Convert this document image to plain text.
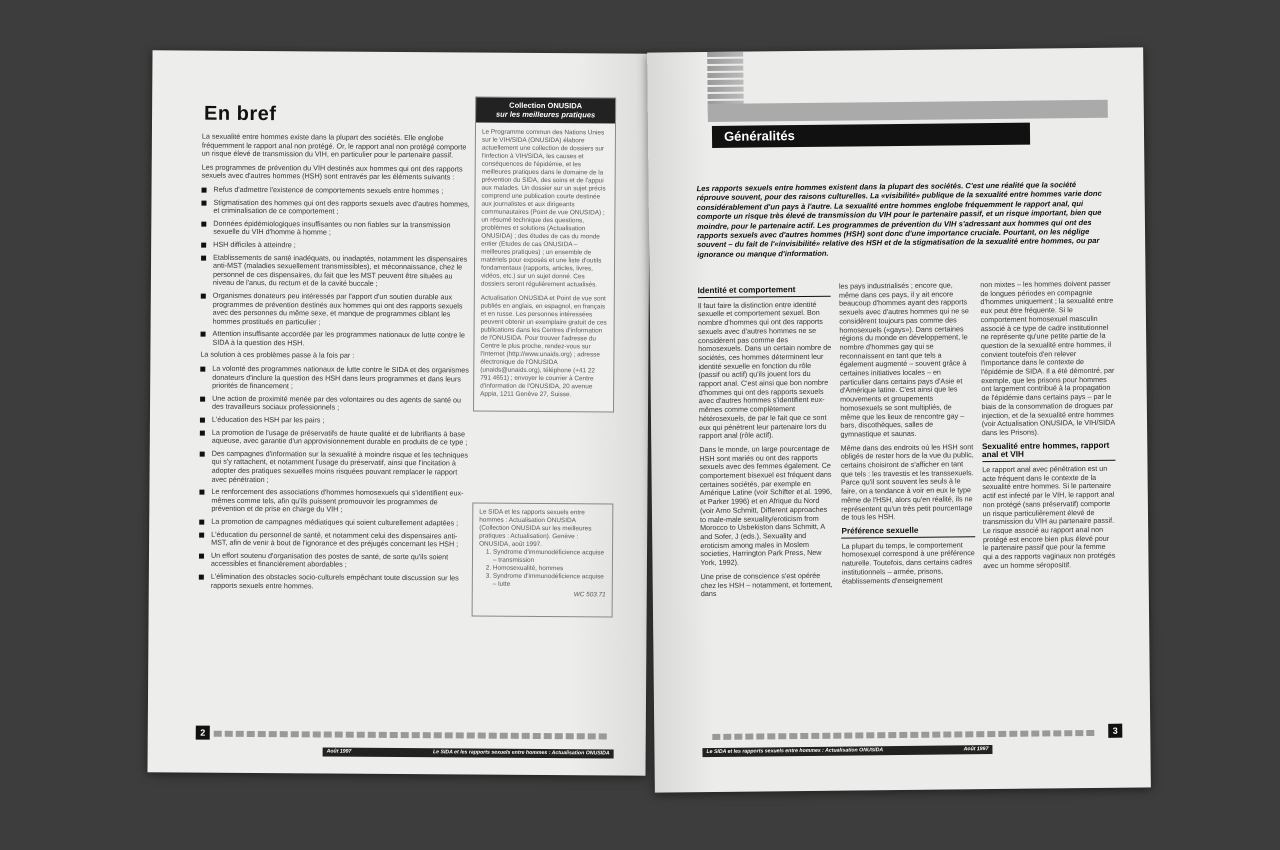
En bref

La sexualité entre hommes existe dans la plupart des sociétés. Elle englobe fréquemment le rapport anal non protégé. Or, le rapport anal non protégé comporte un risque élevé de transmission du VIH, en particulier pour le partenaire passif.

Les programmes de prévention du VIH destinés aux hommes qui ont des rapports sexuels avec d'autres hommes (HSH) sont entravés par les éléments suivants :

Refus d'admettre l'existence de comportements sexuels entre hommes ;
Stigmatisation des hommes qui ont des rapports sexuels avec d'autres hommes, et criminalisation de ce comportement ;
Données épidémiologiques insuffisantes ou non fiables sur la transmission sexuelle du VIH d'homme à homme ;
HSH difficiles à atteindre ;
Etablissements de santé inadéquats, ou inadaptés, notamment les dispensaires anti-MST (maladies sexuellement transmissibles), et méconnaissance, chez le personnel de ces dispensaires, du fait que les MST peuvent être situées au niveau de l'anus, du rectum et de la cavité buccale ;
Organismes donateurs peu intéressés par l'apport d'un soutien durable aux programmes de prévention destinés aux hommes qui ont des rapports sexuels avec des personnes du même sexe, et manque de programmes ciblant les hommes prostitués en particulier ;
Attention insuffisante accordée par les programmes nationaux de lutte contre le SIDA à la question des HSH.

La solution à ces problèmes passe à la fois par :

La volonté des programmes nationaux de lutte contre le SIDA et des organismes donateurs d'inclure la question des HSH dans leurs programmes et dans leurs priorités de financement ;
Une action de proximité menée par des volontaires ou des agents de santé ou des travailleurs sociaux professionnels ;
L'éducation des HSH par les pairs ;
La promotion de l'usage de préservatifs de haute qualité et de lubrifiants à base aqueuse, avec garantie d'un approvisionnement durable en produits de ce type ;
Des campagnes d'information sur la sexualité à moindre risque et les techniques qui s'y rattachent, et notamment l'usage du préservatif, ainsi que l'incitation à adopter des pratiques sexuelles moins risquées pouvant remplacer le rapport avec pénétration ;
Le renforcement des associations d'hommes homosexuels qui s'identifient eux-mêmes comme tels, afin qu'ils puissent promouvoir les programmes de prévention et de prise en charge du VIH ;
La promotion de campagnes médiatiques qui soient culturellement adaptées ;
L'éducation du personnel de santé, et notamment celui des dispensaires anti-MST, afin de venir à bout de l'ignorance et des préjugés concernant les HSH ;
Un effort soutenu d'organisation des postes de santé, de sorte qu'ils soient accessibles et financièrement abordables ;
L'élimination des obstacles socio-culturels empêchant toute discussion sur les rapports sexuels entre hommes.
Collection ONUSIDA
sur les meilleures pratiques

Le Programme commun des Nations Unies sur le VIH/SIDA (ONUSIDA) élabore actuellement une collection de dossiers sur l'infection à VIH/SIDA, les causes et conséquences de l'épidémie, et les meilleures pratiques dans le domaine de la prévention du SIDA, des soins et de l'appui aux malades. Un dossier sur un sujet précis comprend une publication courte destinée aux journalistes et aux dirigeants communautaires (Point de vue ONUSIDA) ; un résumé technique des questions, problèmes et solutions (Actualisation ONUSIDA) ; des études de cas du monde entier (Etudes de cas ONUSIDA – meilleures pratiques) ; un ensemble de matériels pour exposés et une liste d'outils fondamentaux (rapports, articles, livres, vidéos, etc.) sur un sujet donné. Ces dossiers seront régulièrement actualisés.

Actualisation ONUSIDA et Point de vue sont publiés en anglais, en espagnol, en français et en russe. Les personnes intéressées peuvent obtenir un exemplaire gratuit de ces publications dans les Centres d'information de l'ONUSIDA. Pour trouver l'adresse du Centre le plus proche, rendez-vous sur l'Internet (http://www.unaids.org) ; adresse électronique de l'ONUSIDA (unaids@unaids.org), téléphone (+41 22 791 4651) ; envoyer le courrier à Centre d'information de l'ONUSIDA, 20 avenue Appia, 1211 Genève 27, Suisse.

Le SIDA et les rapports sexuels entre hommes : Actualisation ONUSIDA (Collection ONUSIDA sur les meilleures pratiques : Actualisation). Genève : ONUSIDA, août 1997.

1. Syndrome d'immunodéficience acquise – transmission
2. Homosexualité, hommes
3. Syndrome d'immunodéficience acquise – lutte
WC 503.71
2
Août 1997	Le SIDA et les rapports sexuels entre hommes : Actualisation ONUSIDA
Généralités
Les rapports sexuels entre hommes existent dans la plupart des sociétés. C'est une réalité que la société réprouve souvent, pour des raisons culturelles. La «visibilité» publique de la sexualité entre hommes varie donc considérablement d'un pays à l'autre. La sexualité entre hommes englobe fréquemment le rapport anal, qui comporte un risque très élevé de transmission du VIH pour le partenaire passif, et un risque important, bien que moindre, pour le partenaire actif. Les programmes de prévention du VIH s'adressant aux hommes qui ont des rapports sexuels avec d'autres hommes (HSH) sont donc d'une importance cruciale. Pourtant, on les néglige souvent – du fait de l'«invisibilité» relative des HSH et de la stigmatisation de la sexualité entre hommes, ou par ignorance ou manque d'information.
Identité et comportement

Il faut faire la distinction entre identité sexuelle et comportement sexuel. Bon nombre d'hommes qui ont des rapports sexuels avec d'autres hommes ne se considèrent pas comme des homosexuels. Dans un certain nombre de sociétés, ces hommes déterminent leur identité sexuelle en fonction du rôle (passif ou actif) qu'ils jouent lors du rapport anal. C'est ainsi que bon nombre d'hommes qui ont des rapports sexuels avec d'autres hommes s'identifient eux-mêmes comme complètement hétérosexuels, de par le fait que ce sont eux qui pénètrent leur partenaire lors du rapport anal (rôle actif).

Dans le monde, un large pourcentage de HSH sont mariés ou ont des rapports sexuels avec des femmes également. Ce comportement bisexuel est fréquent dans certaines sociétés, par exemple en Amérique Latine (voir Schifter et al. 1996, et Parker 1996) et en Afrique du Nord (voir Arno Schmitt, Different approaches to male-male sexuality/eroticism from Morocco to Usbekiston dans Schmitt, A and Sofer, J (eds.), Sexuality and eroticism among males in Moslem societies, Harrington Park Press, New York, 1992).

Une prise de conscience s'est opérée chez les HSH – notamment, et fortement, dans

les pays industrialisés ; encore que, même dans ces pays, il y ait encore beaucoup d'hommes ayant des rapports sexuels avec d'autres hommes qui ne se considèrent toujours pas comme des homosexuels («gays»). Dans certaines régions du monde en développement, le nombre d'hommes gay qui se reconnaissent en tant que tels a également augmenté – souvent grâce à certaines initiatives locales – en particulier dans certains pays d'Asie et d'Amérique latine. C'est ainsi que les mouvements et groupements homosexuels se sont multipliés, de même que les lieux de rencontre gay – bars, discothèques, salles de gymnastique et saunas.

Même dans des endroits où les HSH sont obligés de rester hors de la vue du public, certains choisiront de s'afficher en tant que tels : les travestis et les transsexuels. Parce qu'il sont souvent les seuls à le faire, on a tendance à voir en eux le type même de l'HSH, alors qu'en réalité, ils ne représentent qu'un très petit pourcentage de tous les HSH.

Préférence sexuelle

La plupart du temps, le comportement homosexuel correspond à une préférence naturelle. Toutefois, dans certains cadres institutionnels – armée, prisons, établissements d'enseignement

non mixtes – les hommes doivent passer de longues périodes en compagnie d'hommes uniquement ; la sexualité entre eux peut être fréquente. Si le comportement homosexuel masculin associé à ce type de cadre institutionnel ne représente qu'une petite partie de la question de la sexualité entre hommes, il convient toutefois d'en relever l'importance dans le contexte de l'épidémie de SIDA. Il a été démontré, par exemple, que les prisons pour hommes ont largement contribué à la propagation de l'épidémie dans certains pays – par le biais de la consommation de drogues par injection, et de la sexualité entre hommes (voir Actualisation ONUSIDA, le VIH/SIDA dans les Prisons).

Sexualité entre hommes, rapport anal et VIH

Le rapport anal avec pénétration est un acte fréquent dans le contexte de la sexualité entre hommes. Si le partenaire actif est infecté par le VIH, le rapport anal non protégé (sans préservatif) comporte un risque particulièrement élevé de transmission du VIH au partenaire passif. Le risque associé au rapport anal non protégé est encore bien plus élevé pour le partenaire passif que pour la femme qui a des rapports vaginaux non protégés avec un homme séropositif.

Le SIDA et les rapports sexuels entre hommes : Actualisation ONUSIDA	Août 1997
3
